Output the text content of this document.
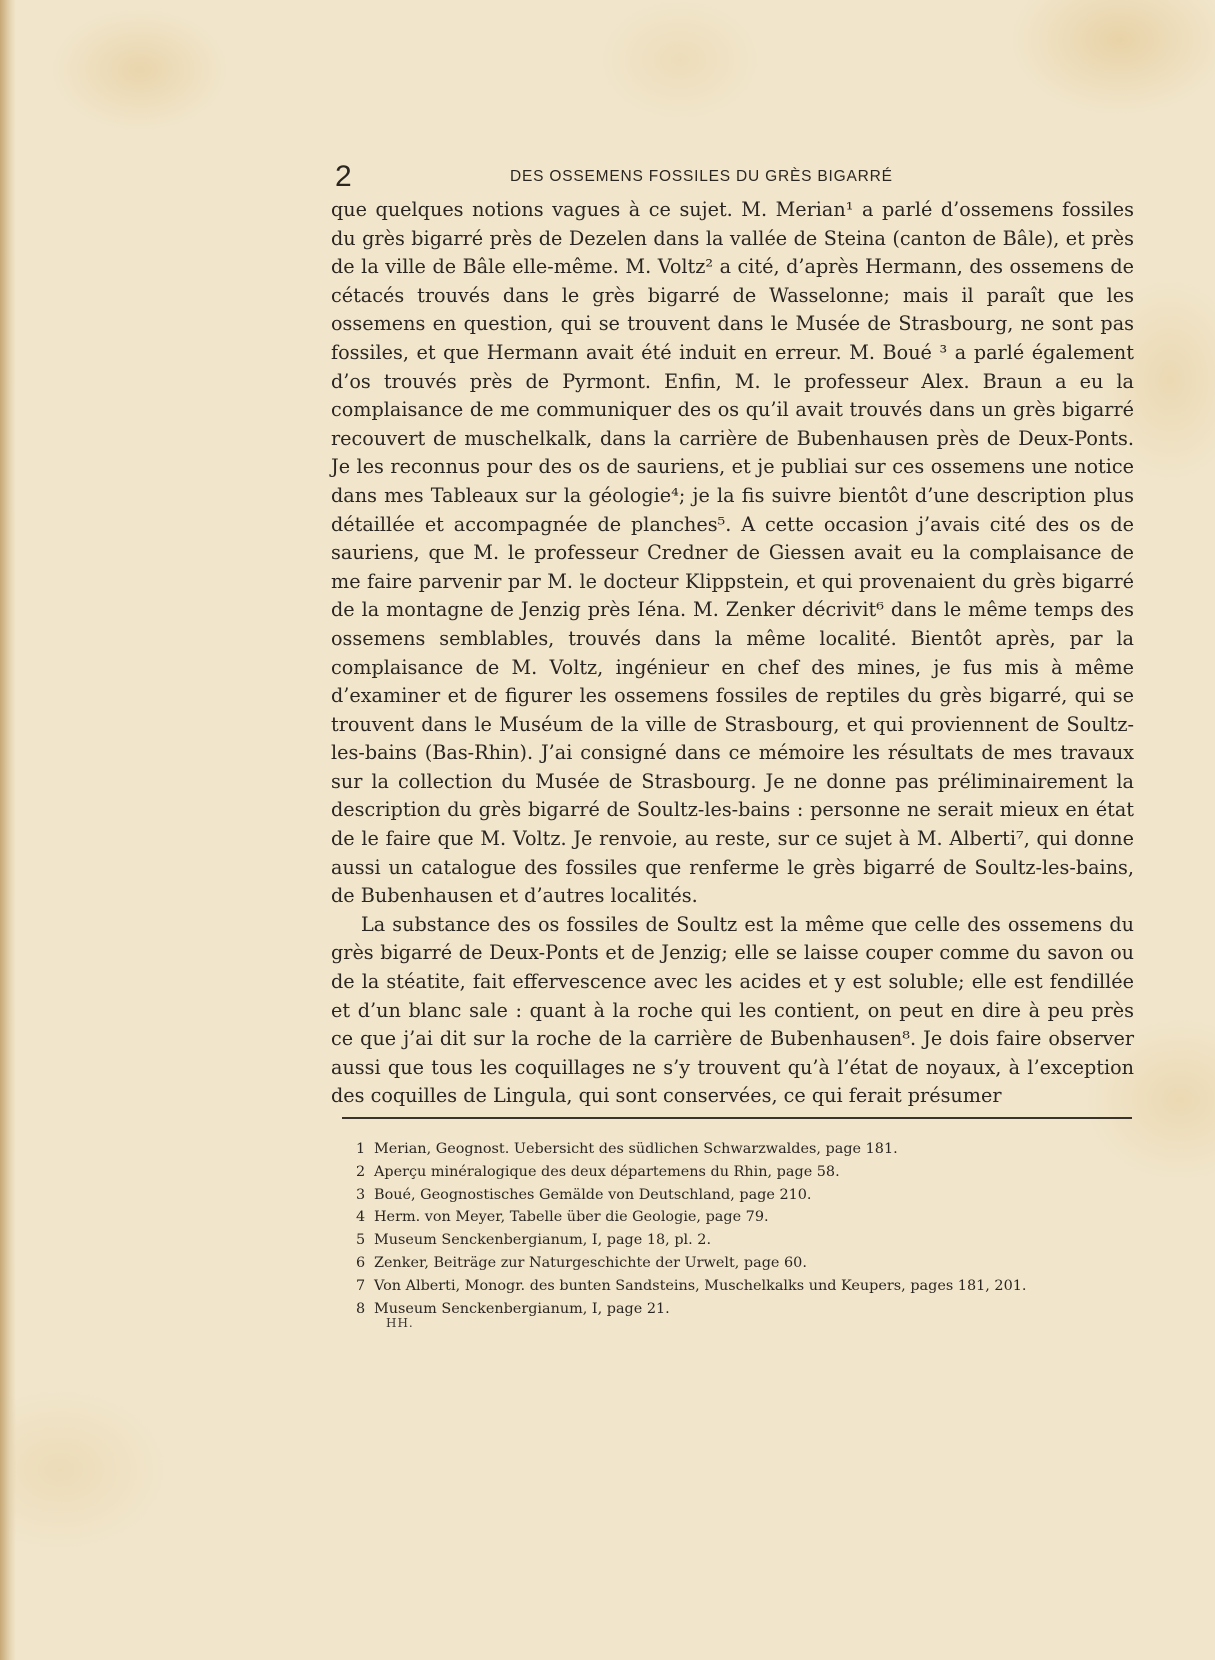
2	DES OSSEMENS FOSSILES DU GRÈS BIGARRÉ

que quelques notions vagues à ce sujet. M. Merian¹ a parlé d’ossemens fossiles du grès bigarré près de Dezelen dans la vallée de Steina (canton de Bâle), et près de la ville de Bâle elle-même. M. Voltz² a cité, d’après Hermann, des ossemens de cétacés trouvés dans le grès bigarré de Wasselonne; mais il paraît que les ossemens en question, qui se trouvent dans le Musée de Strasbourg, ne sont pas fossiles, et que Hermann avait été induit en erreur. M. Boué ³ a parlé également d’os trouvés près de Pyrmont. Enfin, M. le professeur Alex. Braun a eu la complaisance de me communiquer des os qu’il avait trouvés dans un grès bigarré recouvert de muschelkalk, dans la carrière de Bubenhausen près de Deux-Ponts. Je les reconnus pour des os de sauriens, et je publiai sur ces ossemens une notice dans mes Tableaux sur la géologie⁴; je la fis suivre bientôt d’une description plus détaillée et accompagnée de planches⁵. A cette occasion j’avais cité des os de sauriens, que M. le professeur Credner de Giessen avait eu la complaisance de me faire parvenir par M. le docteur Klippstein, et qui provenaient du grès bigarré de la montagne de Jenzig près Iéna. M. Zenker décrivit⁶ dans le même temps des ossemens semblables, trouvés dans la même localité. Bientôt après, par la complaisance de M. Voltz, ingénieur en chef des mines, je fus mis à même d’examiner et de figurer les ossemens fossiles de reptiles du grès bigarré, qui se trouvent dans le Muséum de la ville de Strasbourg, et qui proviennent de Soultz-les-bains (Bas-Rhin). J’ai consigné dans ce mémoire les résultats de mes travaux sur la collection du Musée de Strasbourg. Je ne donne pas préliminairement la description du grès bigarré de Soultz-les-bains : personne ne serait mieux en état de le faire que M. Voltz. Je renvoie, au reste, sur ce sujet à M. Alberti⁷, qui donne aussi un catalogue des fossiles que renferme le grès bigarré de Soultz-les-bains, de Bubenhausen et d’autres localités.

La substance des os fossiles de Soultz est la même que celle des ossemens du grès bigarré de Deux-Ponts et de Jenzig; elle se laisse couper comme du savon ou de la stéatite, fait effervescence avec les acides et y est soluble; elle est fendillée et d’un blanc sale : quant à la roche qui les contient, on peut en dire à peu près ce que j’ai dit sur la roche de la carrière de Bubenhausen⁸. Je dois faire observer aussi que tous les coquillages ne s’y trouvent qu’à l’état de noyaux, à l’exception des coquilles de Lingula, qui sont conservées, ce qui ferait présumer

1 Merian, Geognost. Uebersicht des südlichen Schwarzwaldes, page 181.
2 Aperçu minéralogique des deux départemens du Rhin, page 58.
3 Boué, Geognostisches Gemälde von Deutschland, page 210.
4 Herm. von Meyer, Tabelle über die Geologie, page 79.
5 Museum Senckenbergianum, I, page 18, pl. 2.
6 Zenker, Beiträge zur Naturgeschichte der Urwelt, page 60.
7 Von Alberti, Monogr. des bunten Sandsteins, Muschelkalks und Keupers, pages 181, 201.
8 Museum Senckenbergianum, I, page 21.
HH.
